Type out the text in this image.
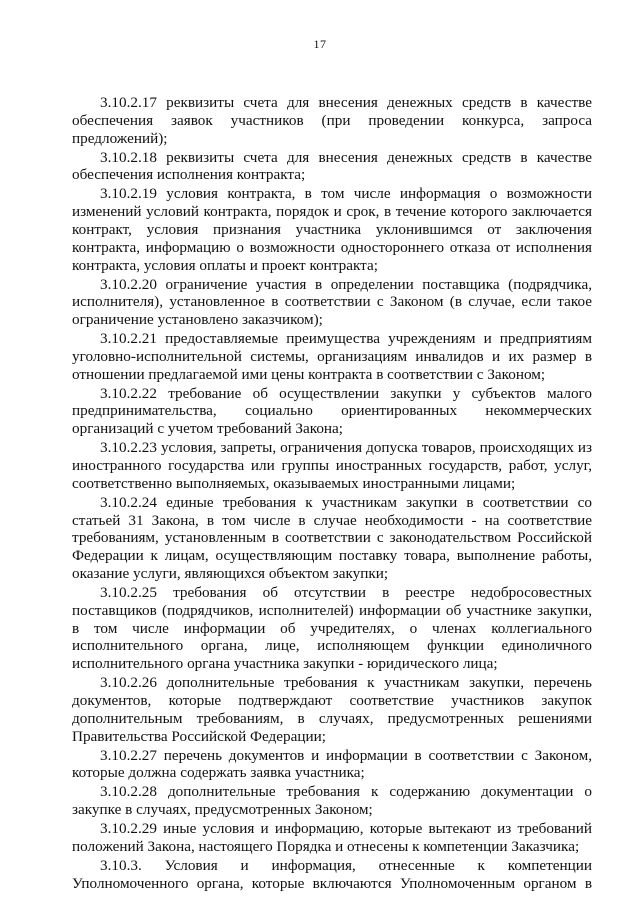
17

3.10.2.17 реквизиты счета для внесения денежных средств в качестве обеспечения заявок участников (при проведении конкурса, запроса предложений);

3.10.2.18 реквизиты счета для внесения денежных средств в качестве обеспечения исполнения контракта;

3.10.2.19 условия контракта, в том числе информация о возможности изменений условий контракта, порядок и срок, в течение которого заключается контракт, условия признания участника уклонившимся от заключения контракта, информацию о возможности одностороннего отказа от исполнения контракта, условия оплаты и проект контракта;

3.10.2.20 ограничение участия в определении поставщика (подрядчика, исполнителя), установленное в соответствии с Законом (в случае, если такое ограничение установлено заказчиком);

3.10.2.21 предоставляемые преимущества учреждениям и предприятиям уголовно-исполнительной системы, организациям инвалидов и их размер в отношении предлагаемой ими цены контракта в соответствии с Законом;

3.10.2.22 требование об осуществлении закупки у субъектов малого предпринимательства, социально ориентированных некоммерческих организаций с учетом требований Закона;

3.10.2.23 условия, запреты, ограничения допуска товаров, происходящих из иностранного государства или группы иностранных государств, работ, услуг, соответственно выполняемых, оказываемых иностранными лицами;

3.10.2.24 единые требования к участникам закупки в соответствии со статьей 31 Закона, в том числе в случае необходимости - на соответствие требованиям, установленным в соответствии с законодательством Российской Федерации к лицам, осуществляющим поставку товара, выполнение работы, оказание услуги, являющихся объектом закупки;

3.10.2.25 требования об отсутствии в реестре недобросовестных поставщиков (подрядчиков, исполнителей) информации об участнике закупки, в том числе информации об учредителях, о членах коллегиального исполнительного органа, лице, исполняющем функции единоличного исполнительного органа участника закупки - юридического лица;

3.10.2.26 дополнительные требования к участникам закупки, перечень документов, которые подтверждают соответствие участников закупок дополнительным требованиям, в случаях, предусмотренных решениями Правительства Российской Федерации;

3.10.2.27 перечень документов и информации в соответствии с Законом, которые должна содержать заявка участника;

3.10.2.28 дополнительные требования к содержанию документации о закупке в случаях, предусмотренных Законом;

3.10.2.29 иные условия и информацию, которые вытекают из требований положений Закона, настоящего Порядка и отнесены к компетенции Заказчика;

3.10.3. Условия и информация, отнесенные к компетенции Уполномоченного органа, которые включаются Уполномоченным органом в
